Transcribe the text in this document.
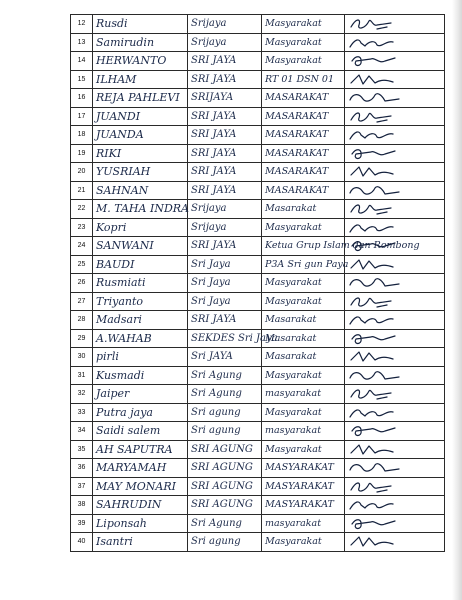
12	Rusdi	Srijaya	Masyarakat	

13	Samirudin	Srijaya	Masyarakat	

14	HERWANTO	SRI JAYA	Masyarakat	

15	ILHAM	SRI JAYA	RT 01 DSN 01	

16	REJA PAHLEVI	SRIJAYA	MASARAKAT	

17	JUANDI	SRI JAYA	MASARAKAT	

18	JUANDA	SRI JAYA	MASARAKAT	

19	RIKI	SRI JAYA	MASARAKAT	

20	YUSRIAH	SRI JAYA	MASARAKAT	

21	SAHNAN	SRI JAYA	MASARAKAT	

22	M. TAHA INDRA	Srijaya	Masarakat	

23	Kopri	Srijaya	Masyarakat	

24	SANWANI	SRI JAYA	Ketua Grup Islam dan Rombong	

25	BAUDI	Sri Jaya	P3A Sri gun Paya	

26	Rusmiati	Sri Jaya	Masyarakat	

27	Triyanto	Sri Jaya	Masyarakat	

28	Madsari	SRI JAYA	Masarakat	

29	A.WAHAB	SEKDES Sri Jaya	Masarakat	

30	pirli	Sri JAYA	Masarakat	

31	Kusmadi	Sri Agung	Masyarakat	

32	Jaiper	Sri Agung	masyarakat	

33	Putra jaya	Sri agung	Masyarakat	

34	Saidi salem	Sri agung	masyarakat	

35	AH SAPUTRA	SRI AGUNG	Masyarakat	

36	MARYAMAH	SRI AGUNG	MASYARAKAT	

37	MAY MONARI	SRI AGUNG	MASYARAKAT	

38	SAHRUDIN	SRI AGUNG	MASYARAKAT	

39	Liponsah	Sri Agung	masyarakat	

40	Isantri	Sri agung	Masyarakat	
